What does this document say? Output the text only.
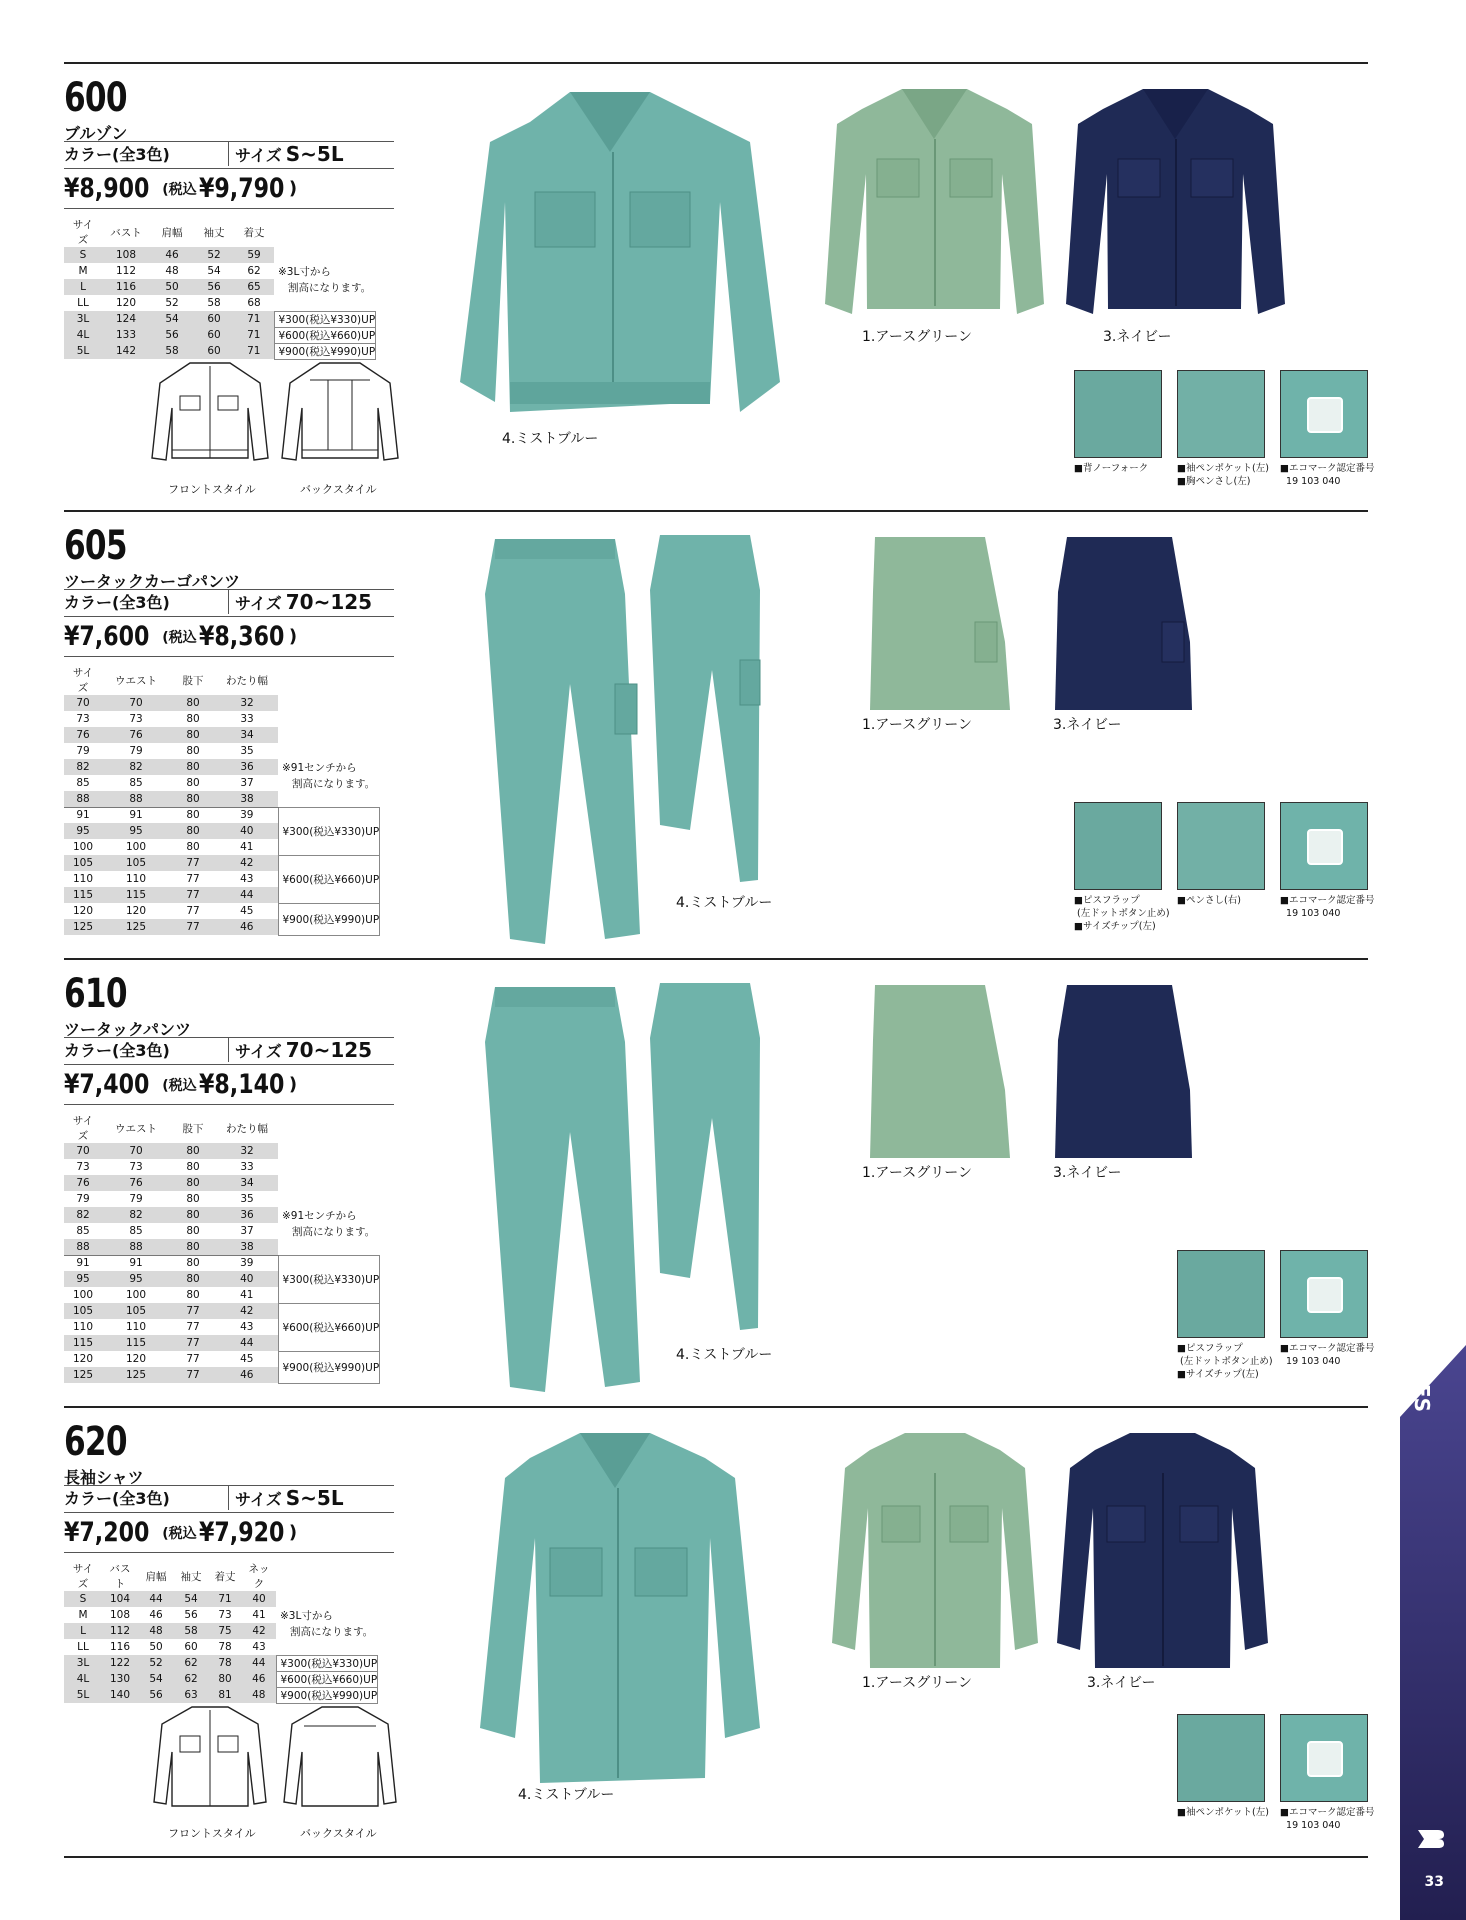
600
ブルゾン
カラー(全3色)	サイズ S~5L
¥8,900 (税込 ¥9,790 )
サイズ	バスト	肩幅	袖丈	着丈	
S	108	46	52	59	
M	112	48	54	62	※3L寸から
L	116	50	56	65	割高になります。
LL	120	52	58	68	
3L	124	54	60	71	¥300(税込¥330)UP
4L	133	56	60	71	¥600(税込¥660)UP
5L	142	58	60	71	¥900(税込¥990)UP
フロントスタイル	バックスタイル
4.ミストブルー
1.アースグリーン	3.ネイビー
■背ノーフォーク	■袖ペンポケット(左)
■胸ペンさし(左)
■エコマーク認定番号
19 103 040
605
ツータックカーゴパンツ
カラー(全3色)	サイズ 70~125
¥7,600 (税込 ¥8,360 )
サイズ	ウエスト	股下	わたり幅	
70	70	80	32	
73	73	80	33	
76	76	80	34	
79	79	80	35	
82	82	80	36	※91センチから
85	85	80	37	割高になります。
88	88	80	38	
91	91	80	39	¥300(税込¥330)UP
95	95	80	40	
100	100	80	41	
105	105	77	42	¥600(税込¥660)UP
110	110	77	43	
115	115	77	44	
120	120	77	45	¥900(税込¥990)UP
125	125	77	46	
4.ミストブルー
1.アースグリーン	3.ネイビー
■ピスフラップ
(左ドットボタン止め)
■サイズチップ(左)
■ペンさし(右)	■エコマーク認定番号
19 103 040
610
ツータックパンツ
カラー(全3色)	サイズ 70~125
¥7,400 (税込 ¥8,140 )
サイズ	ウエスト	股下	わたり幅	
70	70	80	32	
73	73	80	33	
76	76	80	34	
79	79	80	35	
82	82	80	36	※91センチから
85	85	80	37	割高になります。
88	88	80	38	
91	91	80	39	¥300(税込¥330)UP
95	95	80	40	
100	100	80	41	
105	105	77	42	¥600(税込¥660)UP
110	110	77	43	
115	115	77	44	
120	120	77	45	¥900(税込¥990)UP
125	125	77	46	
4.ミストブルー
1.アースグリーン	3.ネイビー
■ピスフラップ
(左ドットボタン止め)
■サイズチップ(左)
■エコマーク認定番号
19 103 040
620
長袖シャツ
カラー(全3色)	サイズ S~5L
¥7,200 (税込 ¥7,920 )
サイズ	バスト	肩幅	袖丈	着丈	ネック	
S	104	44	54	71	40	
M	108	46	56	73	41	※3L寸から
L	112	48	58	75	42	割高になります。
LL	116	50	60	78	43	
3L	122	52	62	78	44	¥300(税込¥330)UP
4L	130	54	62	80	46	¥600(税込¥660)UP
5L	140	56	63	81	48	¥900(税込¥990)UP
フロントスタイル	バックスタイル
4.ミストブルー
1.アースグリーン	3.ネイビー
■袖ペンポケット(左) ■エコマーク認定番号
19 103 040
600 SERIES
33
